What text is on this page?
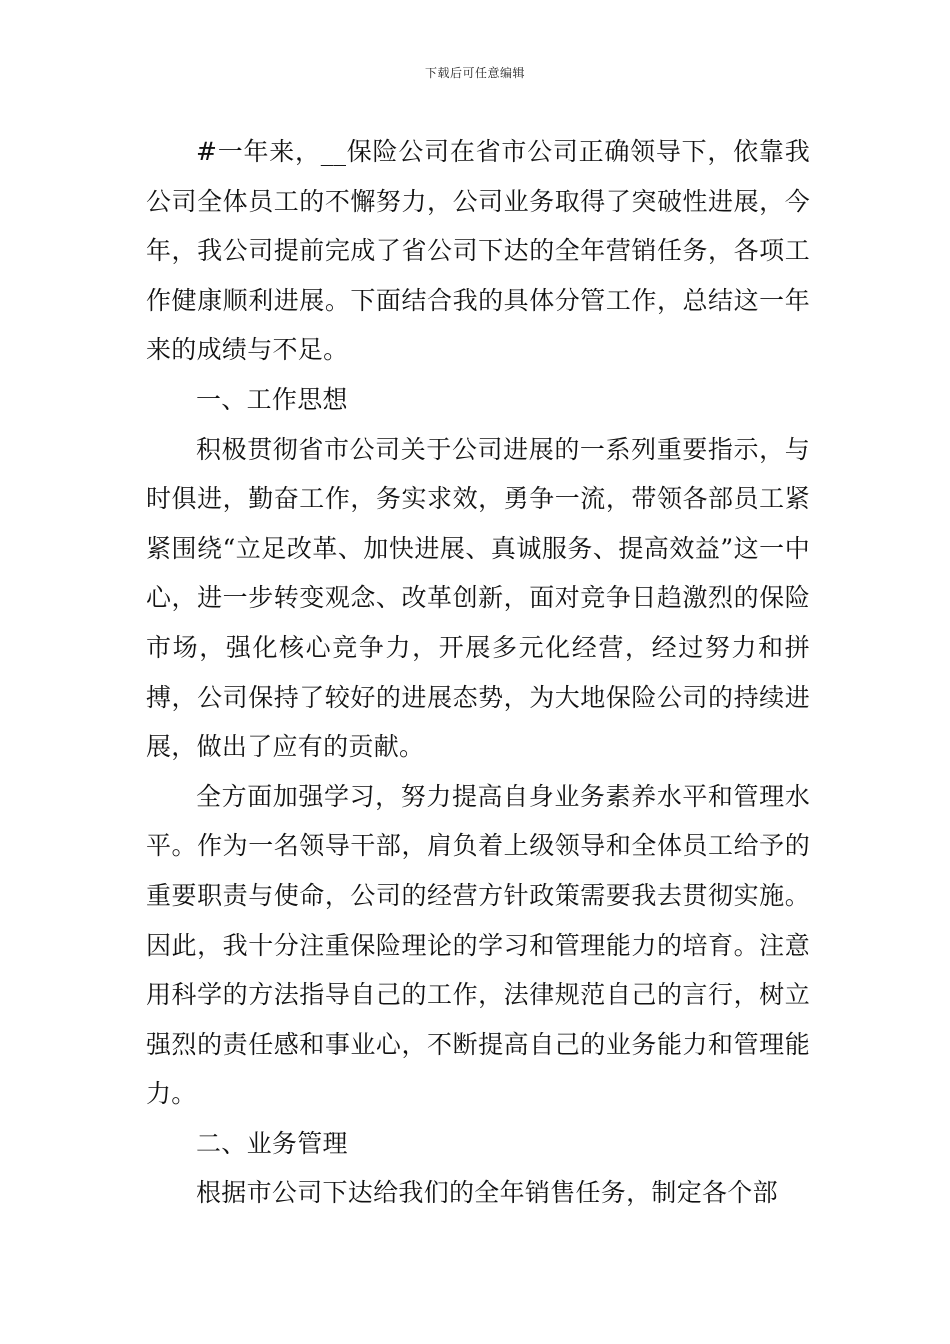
下载后可任意编辑

#一年来，__保险公司在省市公司正确领导下，依靠我公司全体员工的不懈努力，公司业务取得了突破性进展，今年，我公司提前完成了省公司下达的全年营销任务，各项工作健康顺利进展。下面结合我的具体分管工作，总结这一年来的成绩与不足。

一、工作思想

积极贯彻省市公司关于公司进展的一系列重要指示，与时俱进，勤奋工作，务实求效，勇争一流，带领各部员工紧紧围绕“立足改革、加快进展、真诚服务、提高效益”这一中心，进一步转变观念、改革创新，面对竞争日趋激烈的保险市场，强化核心竞争力，开展多元化经营，经过努力和拼搏，公司保持了较好的进展态势，为大地保险公司的持续进展，做出了应有的贡献。

全方面加强学习，努力提高自身业务素养水平和管理水平。作为一名领导干部，肩负着上级领导和全体员工给予的重要职责与使命，公司的经营方针政策需要我去贯彻实施。因此，我十分注重保险理论的学习和管理能力的培育。注意用科学的方法指导自己的工作，法律规范自己的言行，树立强烈的责任感和事业心，不断提高自己的业务能力和管理能力。

二、业务管理

根据市公司下达给我们的全年销售任务，制定各个部
